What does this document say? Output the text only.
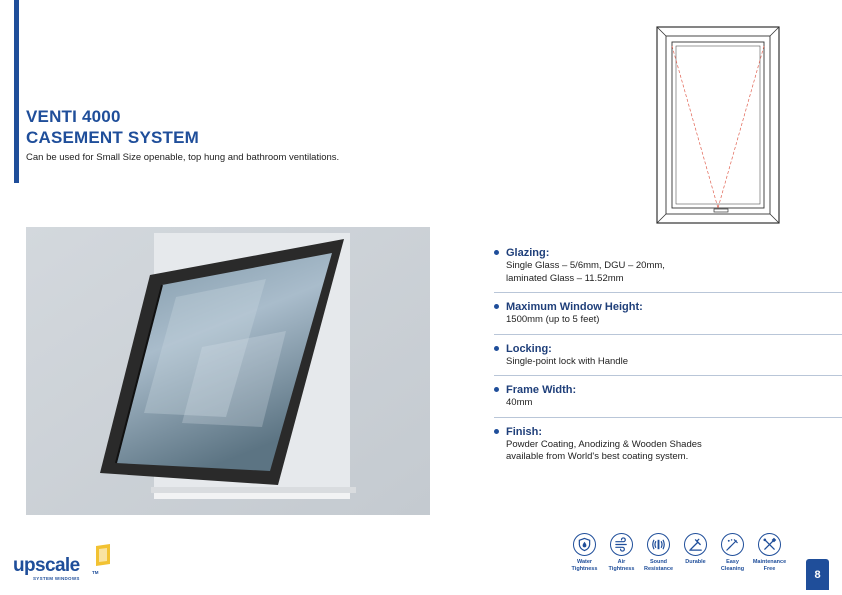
VENTI 4000
CASEMENT SYSTEM

Can be used for Small Size openable, top hung and bathroom ventilations.

Glazing:
Single Glass – 5/6mm, DGU – 20mm,
laminated Glass – 11.52mm
Maximum Window Height:
1500mm (up to 5 feet)
Locking:
Single-point lock with Handle
Frame Width:
40mm
Finish:
Powder Coating, Anodizing & Wooden Shades
available from World's best coating system.
Water
Tightness
Air
Tightness
Sound
Resistance
Durable	Easy
Cleaning
Maintenance
Free
upscale	TM
SYSTEM WINDOWS	8
